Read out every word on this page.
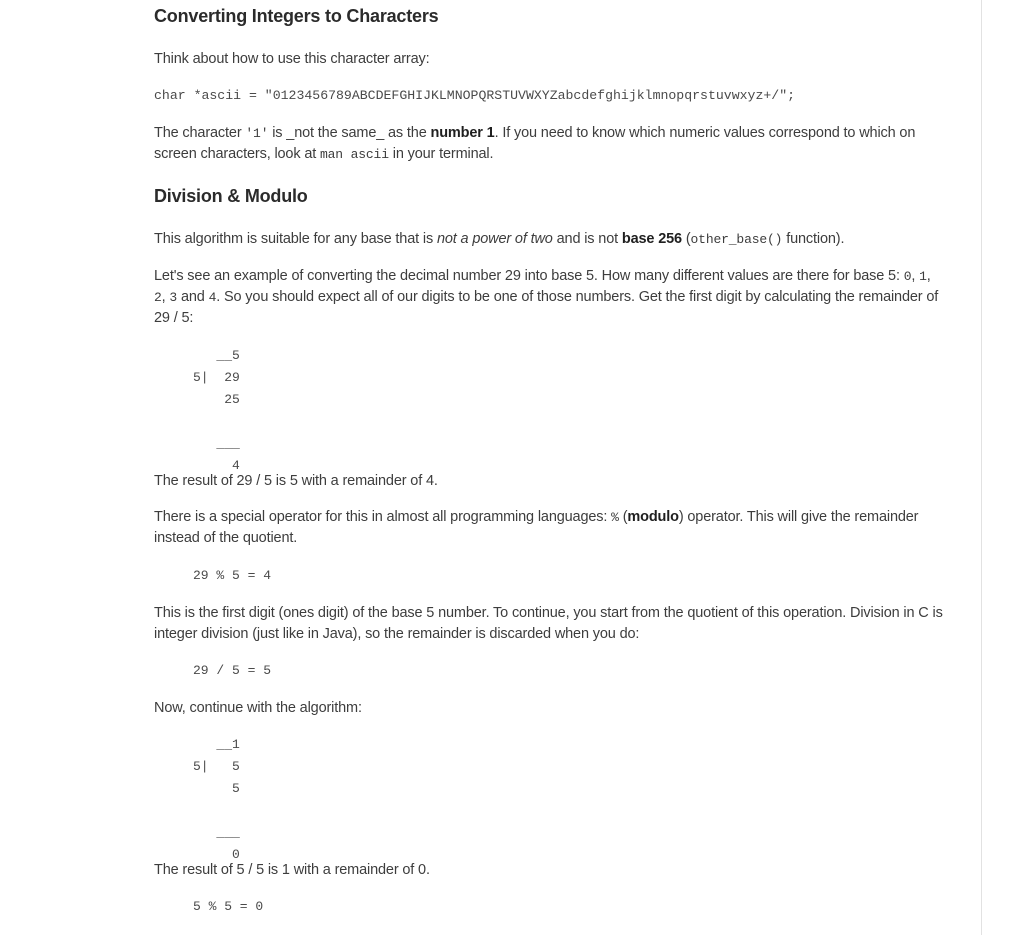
Converting Integers to Characters

Think about how to use this character array:

char *ascii = "0123456789ABCDEFGHIJKLMNOPQRSTUVWXYZabcdefghijklmnopqrstuvwxyz+/";

The character '1' is _not the same_ as the number 1. If you need to know which numeric values correspond to which on screen characters, look at man ascii in your terminal.

Division & Modulo

This algorithm is suitable for any base that is not a power of two and is not base 256 (other_base() function).

Let's see an example of converting the decimal number 29 into base 5. How many different values are there for base 5: 0, 1, 2, 3 and 4. So you should expect all of our digits to be one of those numbers. Get the first digit by calculating the remainder of 29 / 5:

__5
5|  29
25

___
4

The result of 29 / 5 is 5 with a remainder of 4.

There is a special operator for this in almost all programming languages: % (modulo) operator. This will give the remainder instead of the quotient.

29 % 5 = 4

This is the first digit (ones digit) of the base 5 number. To continue, you start from the quotient of this operation. Division in C is integer division (just like in Java), so the remainder is discarded when you do:

29 / 5 = 5

Now, continue with the algorithm:

__1
5|   5
5

___
0

The result of 5 / 5 is 1 with a remainder of 0.

5 % 5 = 0
